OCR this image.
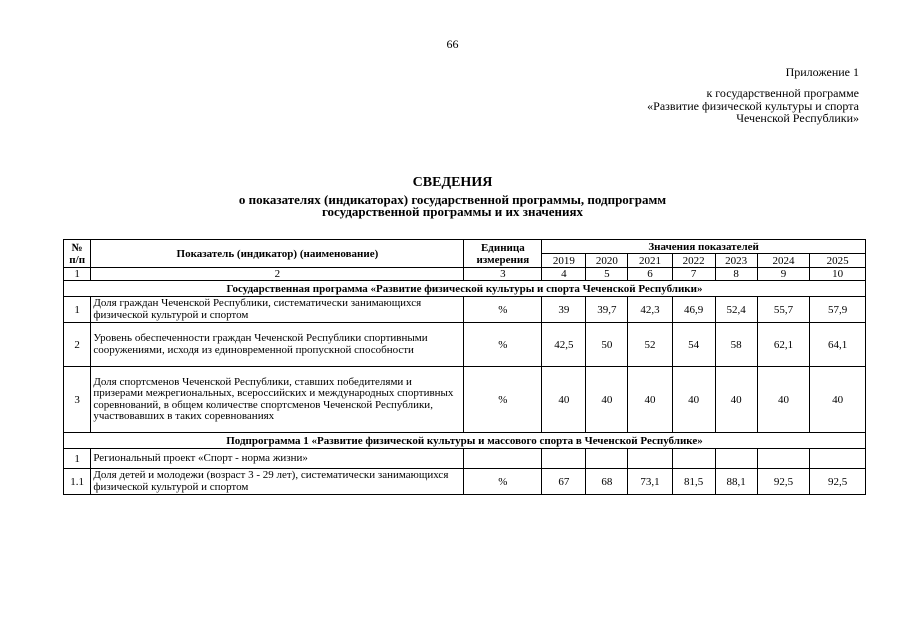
66
Приложение 1
к государственной программе
«Развитие физической культуры и спорта
Чеченской Республики»
СВЕДЕНИЯ
о показателях (индикаторах) государственной программы, подпрограмм
государственной программы и их значениях
№ п/п	Показатель (индикатор) (наименование)	Единица измерения	Значения показателей						
			2019	2020	2021	2022	2023	2024	2025
1	2	3	4	5	6	7	8	9	10
Государственная программа «Развитие физической культуры и спорта Чеченской Республики»									
1	Доля граждан Чеченской Республики, систематически занимающихся физической культурой и спортом	%	39	39,7	42,3	46,9	52,4	55,7	57,9
2	Уровень обеспеченности граждан Чеченской Республики спортивными сооружениями, исходя из единовременной пропускной способности	%	42,5	50	52	54	58	62,1	64,1
3	Доля спортсменов Чеченской Республики, ставших победителями и призерами межрегиональных, всероссийских и международных спортивных соревнований, в общем количестве спортсменов Чеченской Республики, участвовавших в таких соревнованиях	%	40	40	40	40	40	40	40
Подпрограмма 1 «Развитие физической культуры и массового спорта в Чеченской Республике»									
1	Региональный проект «Спорт - норма жизни»								
1.1	Доля детей и молодежи (возраст 3 - 29 лет), систематически занимающихся физической культурой и спортом	%	67	68	73,1	81,5	88,1	92,5	92,5
